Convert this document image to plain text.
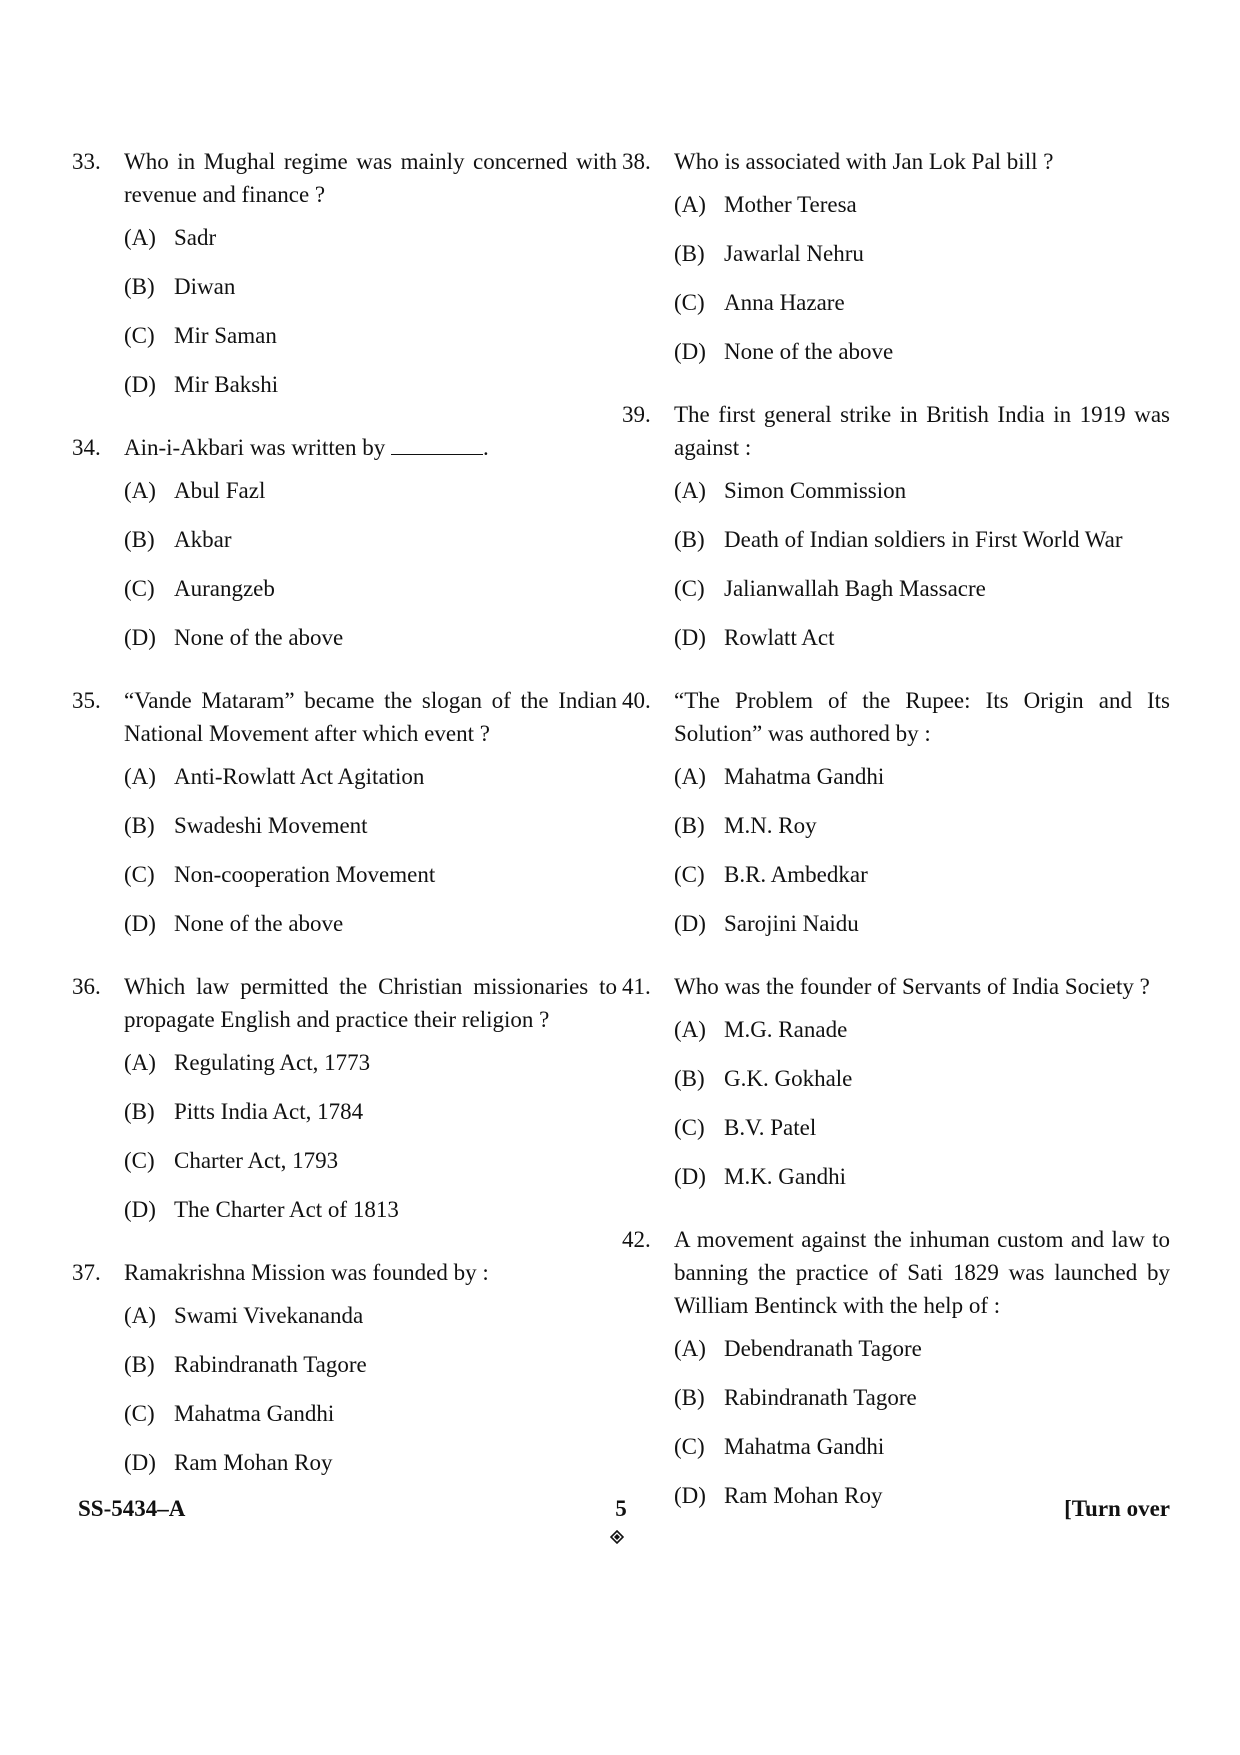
33.	Who in Mughal regime was mainly concerned with revenue and finance ?
(A) Sadr
(B) Diwan
(C) Mir Saman
(D) Mir Bakshi
34.	Ain-i-Akbari was written by	.
(A) Abul Fazl
(B) Akbar
(C) Aurangzeb
(D) None of the above
35.	“Vande Mataram” became the slogan of the Indian National Movement after which event ?
(A) Anti-Rowlatt Act Agitation
(B) Swadeshi Movement
(C) Non-cooperation Movement
(D) None of the above
36.	Which law permitted the Christian missionaries to propagate English and practice their religion ?
(A) Regulating Act, 1773
(B) Pitts India Act, 1784
(C) Charter Act, 1793
(D) The Charter Act of 1813
37.	Ramakrishna Mission was founded by :
(A) Swami Vivekananda
(B) Rabindranath Tagore
(C) Mahatma Gandhi
(D) Ram Mohan Roy
38.	Who is associated with Jan Lok Pal bill ?
(A) Mother Teresa
(B) Jawarlal Nehru
(C) Anna Hazare
(D) None of the above
39.	The first general strike in British India in 1919 was against :
(A) Simon Commission
(B) Death of Indian soldiers in First World War
(C) Jalianwallah Bagh Massacre
(D) Rowlatt Act
40.	“The Problem of the Rupee: Its Origin and Its Solution” was authored by :
(A) Mahatma Gandhi
(B) M.N. Roy
(C) B.R. Ambedkar
(D) Sarojini Naidu
41.	Who was the founder of Servants of India Society ?
(A) M.G. Ranade
(B) G.K. Gokhale
(C) B.V. Patel
(D) M.K. Gandhi
42.	A movement against the inhuman custom and law to banning the practice of Sati 1829 was launched by William Bentinck with the help of :
(A) Debendranath Tagore
(B) Rabindranath Tagore
(C) Mahatma Gandhi
(D) Ram Mohan Roy
SS-5434–A	5	[Turn over
